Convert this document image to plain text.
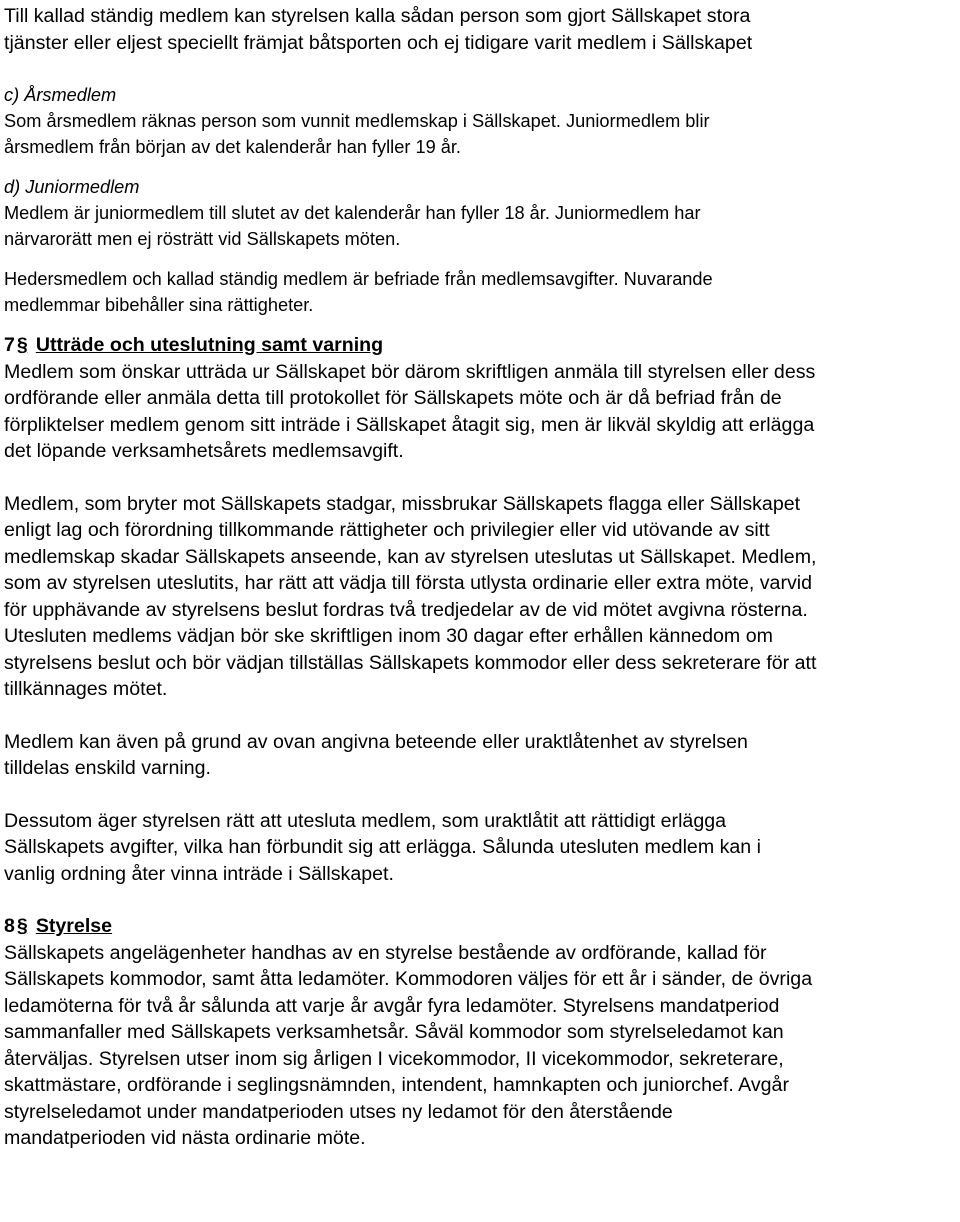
Till kallad ständig medlem kan styrelsen kalla sådan person som gjort Sällskapet stora
tjänster eller eljest speciellt främjat båtsporten och ej tidigare varit medlem i Sällskapet
c) Årsmedlem
Som årsmedlem räknas person som vunnit medlemskap i Sällskapet. Juniormedlem blir
årsmedlem från början av det kalenderår han fyller 19 år.
d) Juniormedlem
Medlem är juniormedlem till slutet av det kalenderår han fyller 18 år. Juniormedlem har
närvarorätt men ej rösträtt vid Sällskapets möten.
Hedersmedlem och kallad ständig medlem är befriade från medlemsavgifter. Nuvarande
medlemmar bibehåller sina rättigheter.
7 § Utträde och uteslutning samt varning
Medlem som önskar utträda ur Sällskapet bör därom skriftligen anmäla till styrelsen eller dess
ordförande eller anmäla detta till protokollet för Sällskapets möte och är då befriad från de
förpliktelser medlem genom sitt inträde i Sällskapet åtagit sig, men är likväl skyldig att erlägga
det löpande verksamhetsårets medlemsavgift.
Medlem, som bryter mot Sällskapets stadgar, missbrukar Sällskapets flagga eller Sällskapet
enligt lag och förordning tillkommande rättigheter och privilegier eller vid utövande av sitt
medlemskap skadar Sällskapets anseende, kan av styrelsen uteslutas ut Sällskapet. Medlem,
som av styrelsen uteslutits, har rätt att vädja till första utlysta ordinarie eller extra möte, varvid
för upphävande av styrelsens beslut fordras två tredjedelar av de vid mötet avgivna rösterna.
Utesluten medlems vädjan bör ske skriftligen inom 30 dagar efter erhållen kännedom om
styrelsens beslut och bör vädjan tillställas Sällskapets kommodor eller dess sekreterare för att
tillkännages mötet.
Medlem kan även på grund av ovan angivna beteende eller uraktlåtenhet av styrelsen
tilldelas enskild varning.
Dessutom äger styrelsen rätt att utesluta medlem, som uraktlåtit att rättidigt erlägga
Sällskapets avgifter, vilka han förbundit sig att erlägga. Sålunda utesluten medlem kan i
vanlig ordning åter vinna inträde i Sällskapet.
8 § Styrelse
Sällskapets angelägenheter handhas av en styrelse bestående av ordförande, kallad för
Sällskapets kommodor, samt åtta ledamöter. Kommodoren väljes för ett år i sänder, de övriga
ledamöterna för två år sålunda att varje år avgår fyra ledamöter. Styrelsens mandatperiod
sammanfaller med Sällskapets verksamhetsår. Såväl kommodor som styrelseledamot kan
återväljas. Styrelsen utser inom sig årligen I vicekommodor, II vicekommodor, sekreterare,
skattmästare, ordförande i seglingsnämnden, intendent, hamnkapten och juniorchef. Avgår
styrelseledamot under mandatperioden utses ny ledamot för den återstående
mandatperioden vid nästa ordinarie möte.
